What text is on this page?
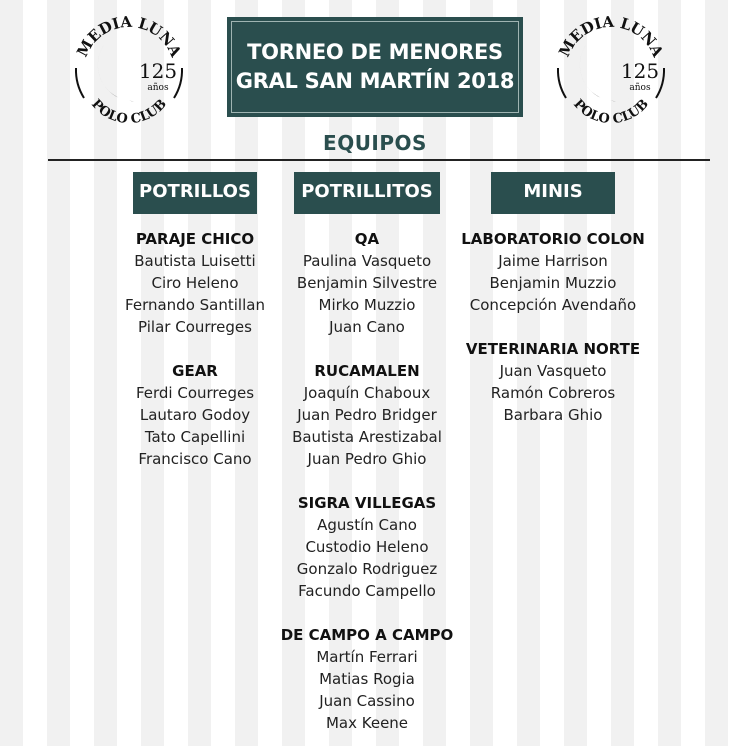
MEDIA LUNA
POLO CLUB
125
años
MEDIA LUNA
POLO CLUB
125
años
TORNEO DE MENORES
GRAL SAN MARTÍN 2018
EQUIPOS
POTRILLOS
PARAJE CHICO
Bautista Luisetti
Ciro Heleno
Fernando Santillan
Pilar Courreges
GEAR
Ferdi Courreges
Lautaro Godoy
Tato Capellini
Francisco Cano
POTRILLITOS
QA
Paulina Vasqueto
Benjamin Silvestre
Mirko Muzzio
Juan Cano
RUCAMALEN
Joaquín Chaboux
Juan Pedro Bridger
Bautista Arestizabal
Juan Pedro Ghio
SIGRA VILLEGAS
Agustín Cano
Custodio Heleno
Gonzalo Rodriguez
Facundo Campello
DE CAMPO A CAMPO
Martín Ferrari
Matias Rogia
Juan Cassino
Max Keene
MINIS
LABORATORIO COLON
Jaime Harrison
Benjamin Muzzio
Concepción Avendaño
VETERINARIA NORTE
Juan Vasqueto
Ramón Cobreros
Barbara Ghio
